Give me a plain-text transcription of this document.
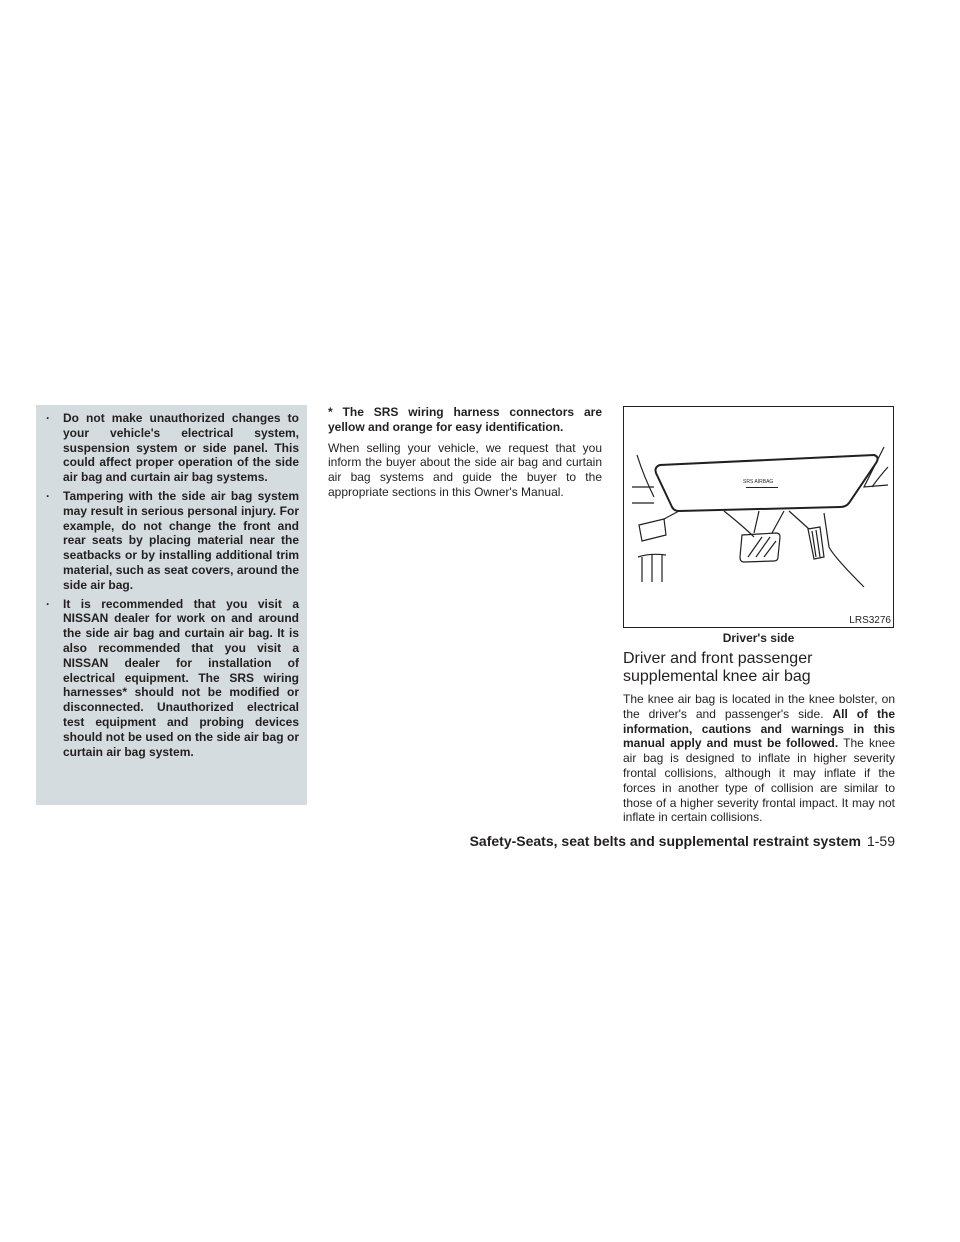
· Do not make unauthorized changes to your vehicle's electrical system, suspension system or side panel. This could affect proper operation of the side air bag and curtain air bag systems.
· Tampering with the side air bag system may result in serious personal injury. For example, do not change the front and rear seats by placing material near the seatbacks or by installing additional trim material, such as seat covers, around the side air bag.
· It is recommended that you visit a NISSAN dealer for work on and around the side air bag and curtain air bag. It is also recommended that you visit a NISSAN dealer for installation of electrical equipment. The SRS wiring harnesses* should not be modified or disconnected. Unauthorized electrical test equipment and probing devices should not be used on the side air bag or curtain air bag system.

* The SRS wiring harness connectors are yellow and orange for easy identification.

When selling your vehicle, we request that you inform the buyer about the side air bag and curtain air bag systems and guide the buyer to the appropriate sections in this Owner's Manual.

SRS AIRBAG
LRS3276
Driver's side
Driver and front passenger supplemental knee air bag

The knee air bag is located in the knee bolster, on the driver's and passenger's side. All of the information, cautions and warnings in this manual apply and must be followed. The knee air bag is designed to inflate in higher severity frontal collisions, although it may inflate if the forces in another type of collision are similar to those of a higher severity frontal impact. It may not inflate in certain collisions.

Safety-Seats, seat belts and supplemental restraint system 1-59
